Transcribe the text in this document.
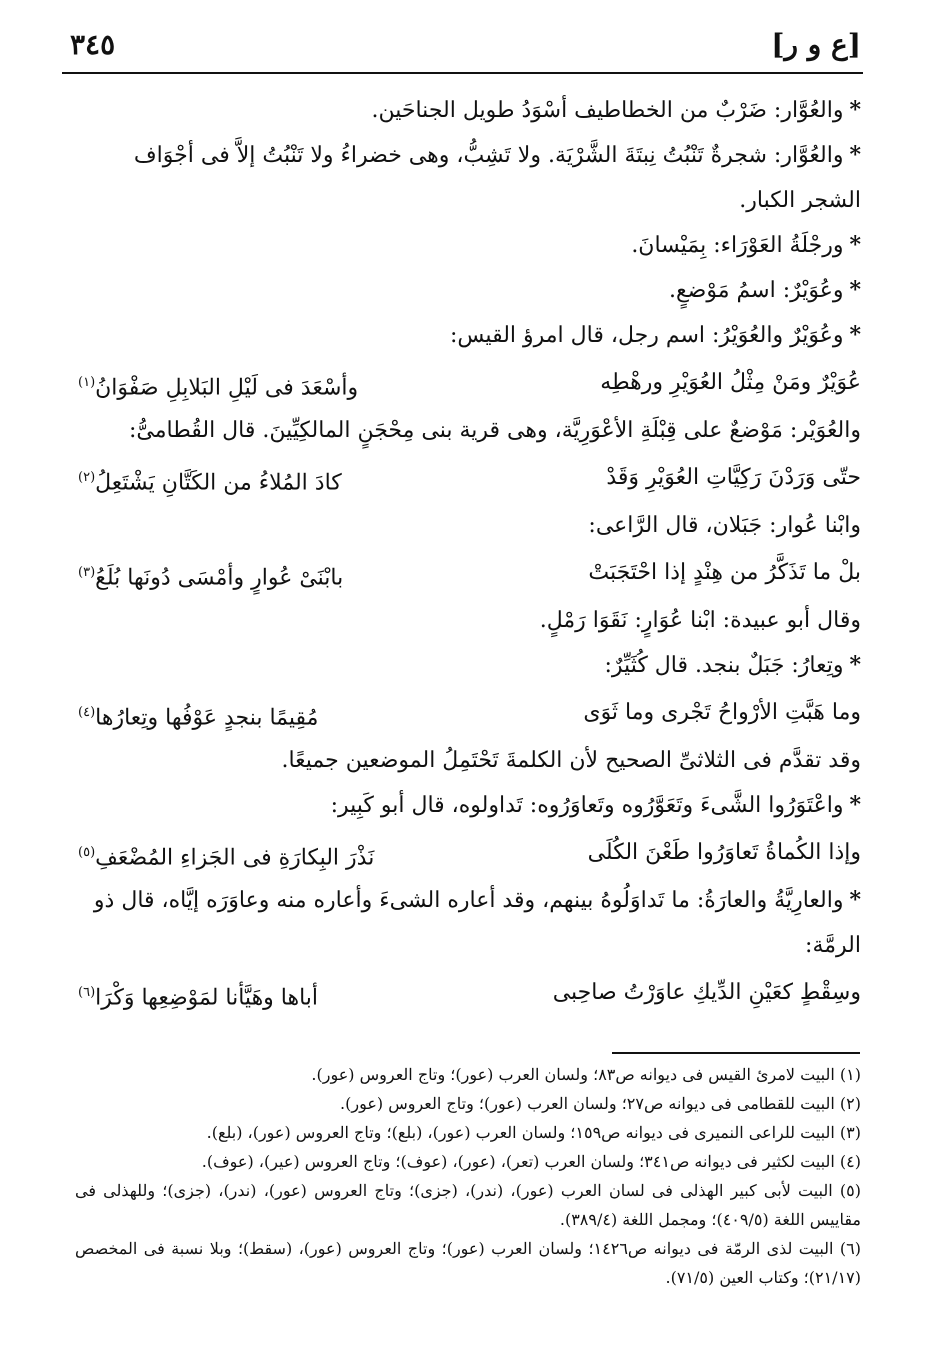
[ع و ر]
٣٤٥
*والعُوَّار: ضَرْبٌ من الخطاطيف أسْوَدُ طويل الجناحَين.
*والعُوَّار: شجرةٌ تَنْبُتُ نِبتَةَ الشَّرْيَة. ولا تَشِبُّ، وهى خضراءُ ولا تَنْبُتُ إلاَّ فى أجْوَاف الشجر الكبار.
*ورجْلَةُ العَوْرَاء: بِمَيْسانَ.
*وعُوَيْرٌ: اسمُ مَوْضعٍ.
*وعُوَيْرٌ والعُوَيْرُ: اسم رجل، قال امرؤ القيس:
عُوَيْرٌ ومَنْ مِثْلُ العُوَيْرِ ورهْطِه
وأسْعَدَ فى لَيْلِ البَلابِلِ صَفْوَانُ$^{(١)}$
والعُوَيْر: مَوْضعٌ على قِبْلَةِ الأعْوَرِيَّة، وهى قرية بنى مِحْجَنٍ المالكِيِّينَ. قال القُطامىُّ:
حتّى وَرَدْنَ رَكِيَّاتِ العُوَيْرِ وَقَدْ
كادَ المُلاءُ من الكَتَّانِ يَشْتَعِلُ$^{(٢)}$
وابْنا عُوار: جَبَلان، قال الرَّاعى:
بلْ ما تَذَكَّرُ من هِنْدٍ إذا احْتَجَبَتْ
بابْنَىْ عُوارٍ وأمْسَى دُونَها بُلَعُ$^{(٣)}$
وقال أبو عبيدة: ابْنا عُوَارٍ: نَقَوَا رَمْلٍ.
*وتِعارُ: جَبَلٌ بنجد. قال كُثَيِّرٌ:
وما هَبَّتِ الأرْواحُ تَجْرى وما ثَوَى
مُقِيمًا بنجدٍ عَوْفُها وتِعارُها$^{(٤)}$
وقد تقدَّم فى الثلاثىِّ الصحيح لأن الكلمةَ تَحْتَمِلُ الموضعين جميعًا.
*واعْتَوَرُوا الشَّىءَ وتَعَوَّرُوه وتَعاوَرُوه: تَداولوه، قال أبو كَبِير:
وإذا الكُماةُ تَعاوَرُوا طَعْنَ الكُلَى
نَذْرَ البِكارَةِ فى الجَزاءِ المُضْعَفِ$^{(٥)}$
*والعارِيَّةُ والعارَةُ: ما تَداوَلُوهُ بينهم، وقد أعاره الشىءَ وأعاره منه وعاوَرَه إيَّاه، قال ذو الرمَّة:
وسِقْطٍ كعَيْنِ الدِّيكِ عاوَرْتُ صاحِبى
أباها وهَيَّأنا لمَوْضِعِها وَكْرَا$^{(٦)}$
(١) البيت لامرئ القيس فى ديوانه ص٨٣؛ ولسان العرب (عور)؛ وتاج العروس (عور).
(٢) البيت للقطامى فى ديوانه ص٢٧؛ ولسان العرب (عور)؛ وتاج العروس (عور).
(٣) البيت للراعى النميرى فى ديوانه ص١٥٩؛ ولسان العرب (عور)، (بلع)؛ وتاج العروس (عور)، (بلع).
(٤) البيت لكثير فى ديوانه ص٣٤١؛ ولسان العرب (تعر)، (عور)، (عوف)؛ وتاج العروس (عير)، (عوف).
(٥) البيت لأبى كبير الهذلى فى لسان العرب (عور)، (ندر)، (جزى)؛ وتاج العروس (عور)، (ندر)، (جزى)؛ وللهذلى فى مقاييس اللغة (٤٠٩/٥)؛ ومجمل اللغة (٣٨٩/٤).
(٦) البيت لذى الرمّة فى ديوانه ص١٤٢٦؛ ولسان العرب (عور)؛ وتاج العروس (عور)، (سقط)؛ وبلا نسبة فى المخصص (٢١/١٧)؛ وكتاب العين (٧١/٥).
